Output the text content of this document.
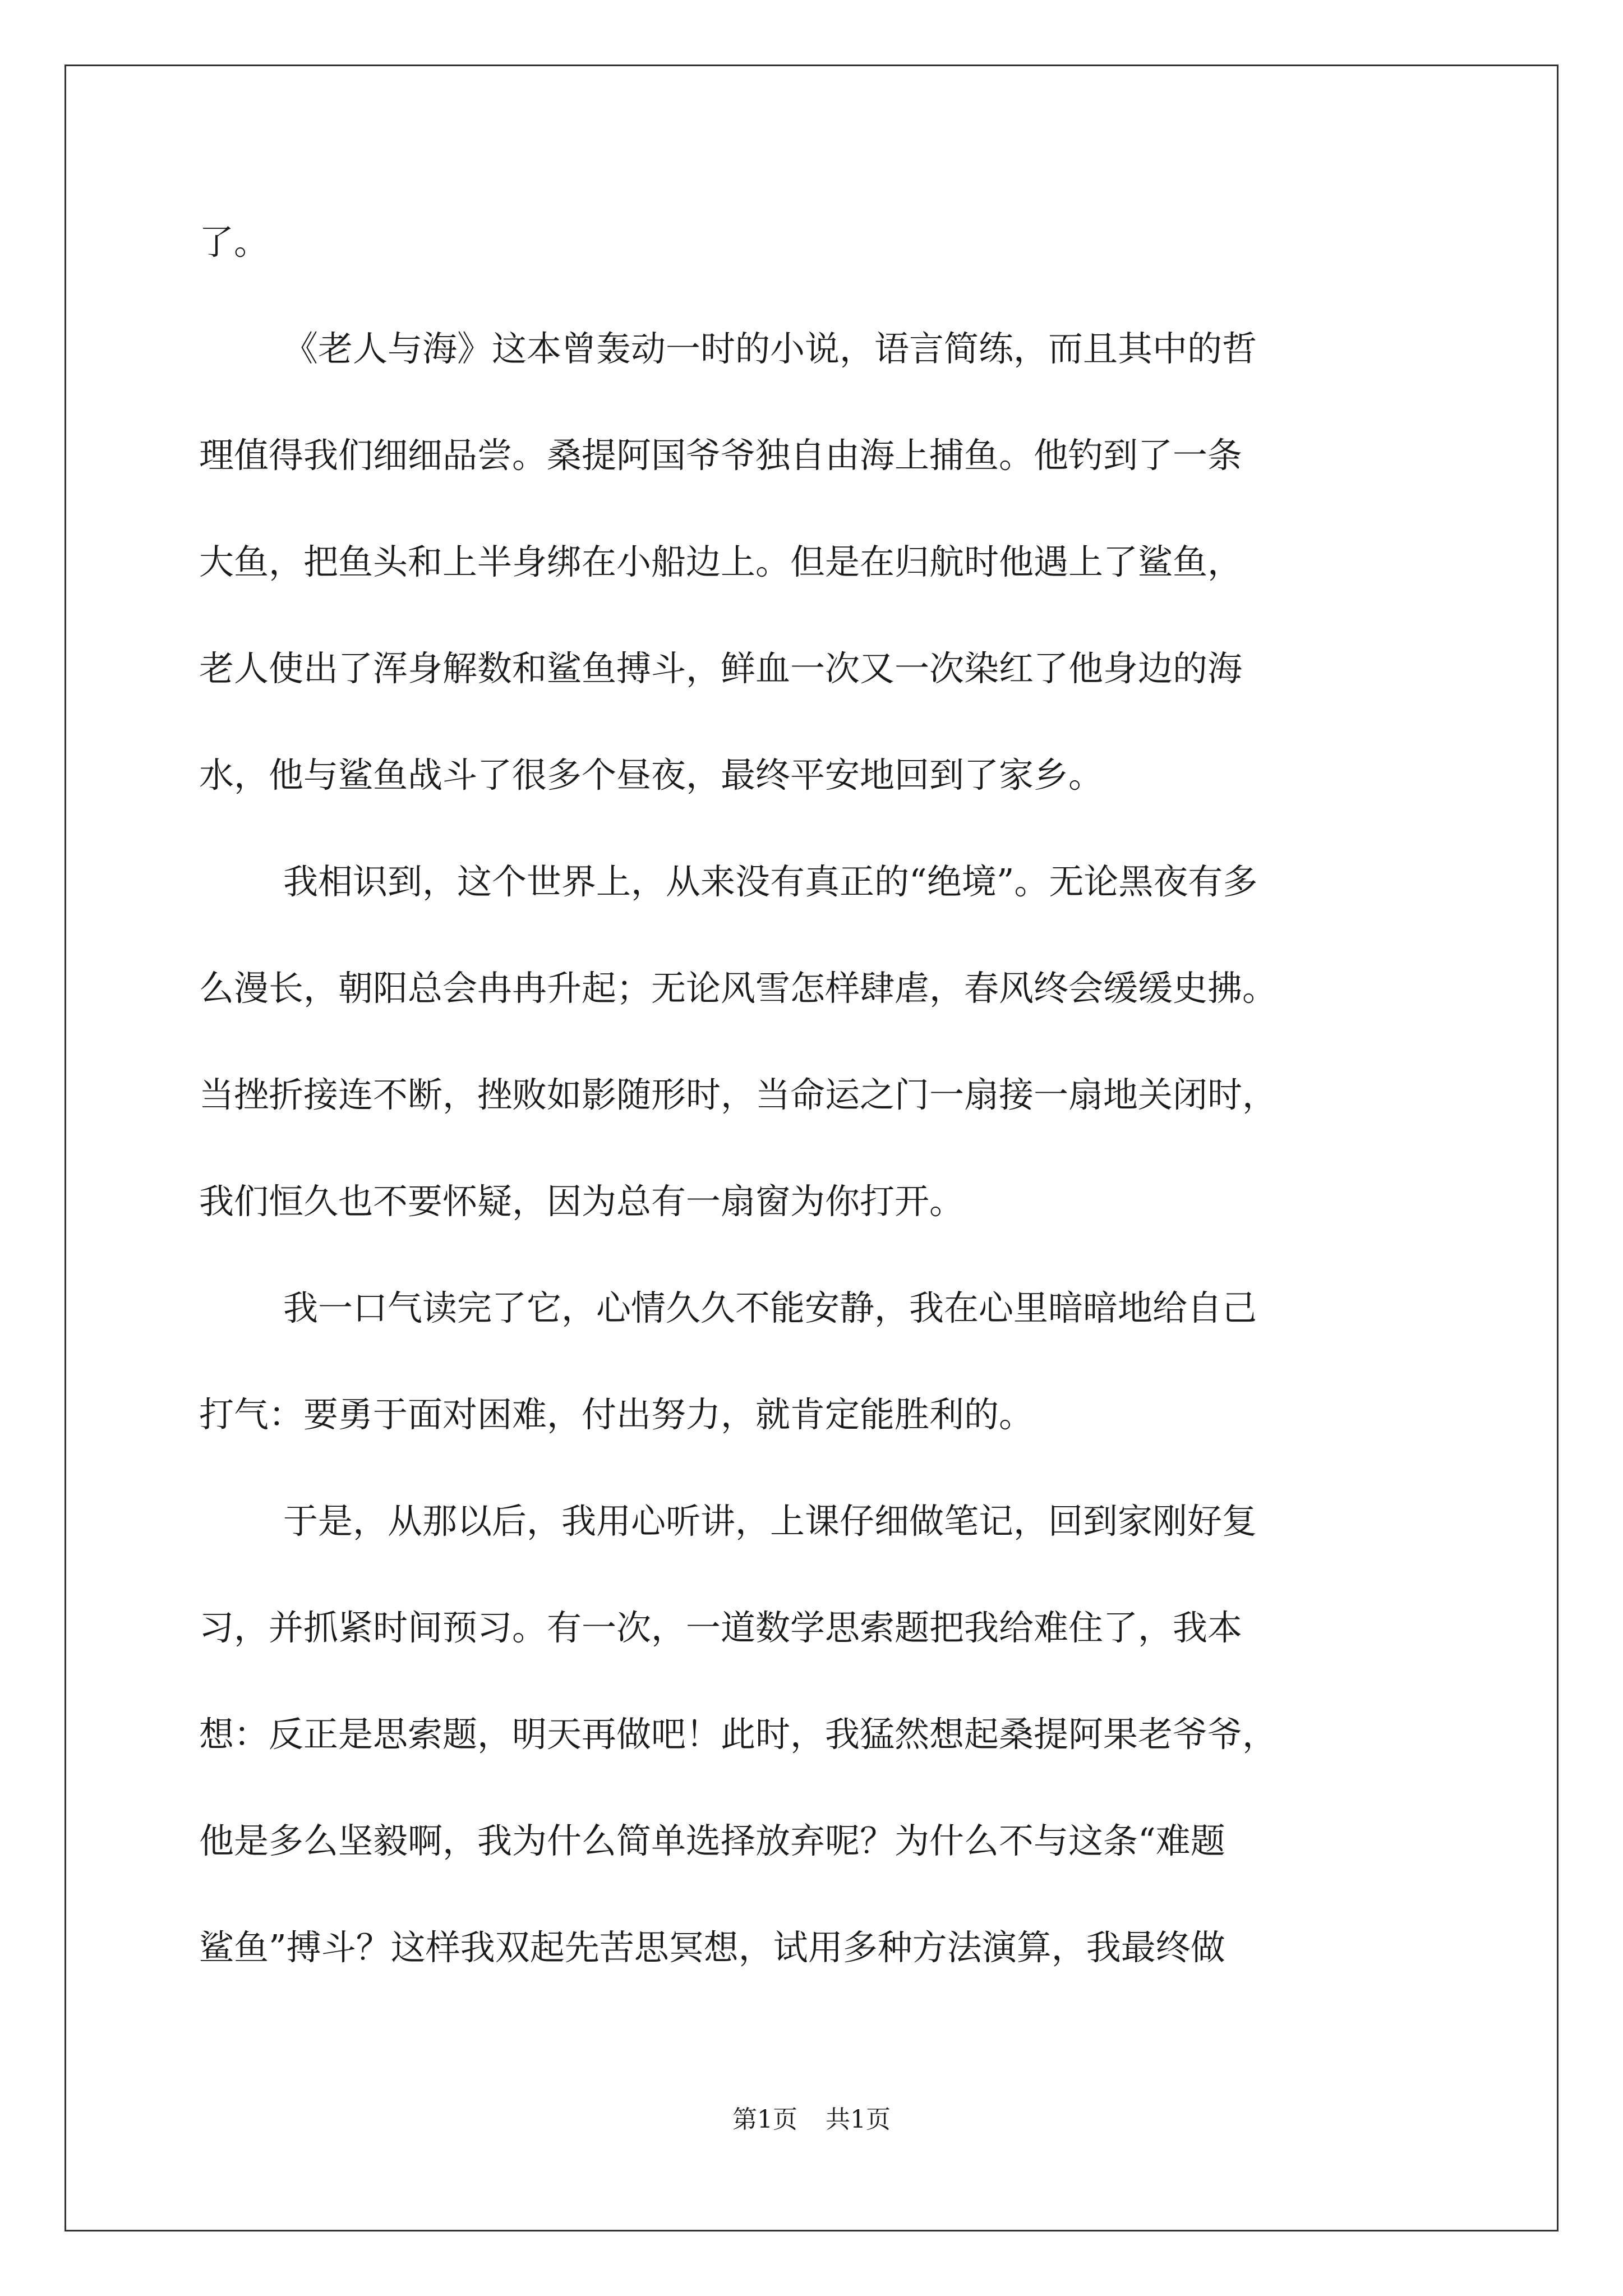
了。
《老人与海》这本曾轰动一时的小说，语言简练，而且其中的哲
理值得我们细细品尝。桑提阿国爷爷独自由海上捕鱼。他钓到了一条
大鱼，把鱼头和上半身绑在小船边上。但是在归航时他遇上了鲨鱼，
老人使出了浑身解数和鲨鱼搏斗，鲜血一次又一次染红了他身边的海
水，他与鲨鱼战斗了很多个昼夜，最终平安地回到了家乡。
我相识到，这个世界上，从来没有真正的“绝境”。无论黑夜有多
么漫长，朝阳总会冉冉升起；无论风雪怎样肆虐，春风终会缓缓史拂。
当挫折接连不断，挫败如影随形时，当命运之门一扇接一扇地关闭时，
我们恒久也不要怀疑，因为总有一扇窗为你打开。
我一口气读完了它，心情久久不能安静，我在心里暗暗地给自己
打气：要勇于面对困难，付出努力，就肯定能胜利的。
于是，从那以后，我用心听讲，上课仔细做笔记，回到家刚好复
习，并抓紧时间预习。有一次，一道数学思索题把我给难住了，我本
想：反正是思索题，明天再做吧！此时，我猛然想起桑提阿果老爷爷，
他是多么坚毅啊，我为什么简单选择放弃呢？为什么不与这条“难题
鲨鱼”搏斗？这样我双起先苦思冥想，试用多种方法演算，我最终做
第1页 共1页
